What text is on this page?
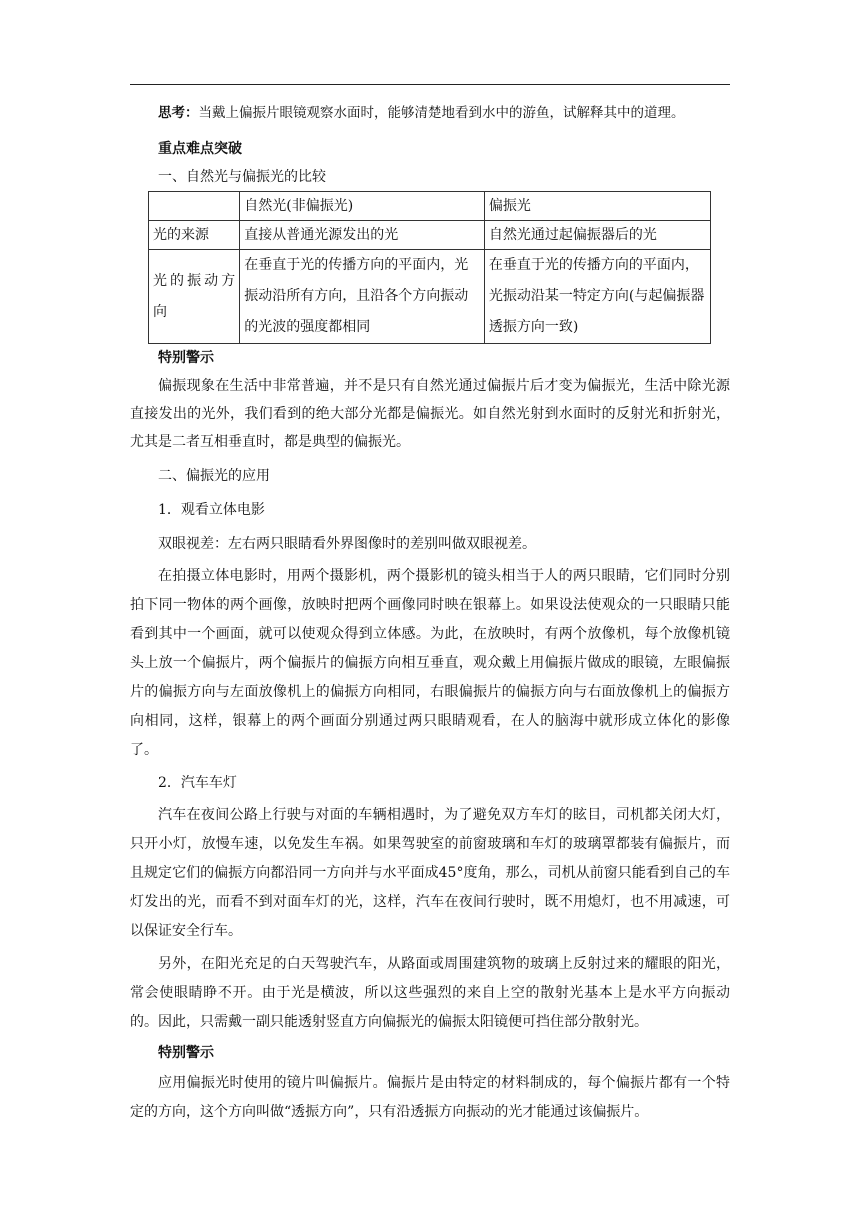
思考：当戴上偏振片眼镜观察水面时，能够清楚地看到水中的游鱼，试解释其中的道理。

重点难点突破

一、自然光与偏振光的比较

	自然光(非偏振光)	偏振光
光的来源	直接从普通光源发出的光	自然光通过起偏振器后的光
光的振动方向	在垂直于光的传播方向的平面内，光振动沿所有方向，且沿各个方向振动的光波的强度都相同	在垂直于光的传播方向的平面内，光振动沿某一特定方向(与起偏振器透振方向一致)

特别警示

偏振现象在生活中非常普遍，并不是只有自然光通过偏振片后才变为偏振光，生活中除光源直接发出的光外，我们看到的绝大部分光都是偏振光。如自然光射到水面时的反射光和折射光，尤其是二者互相垂直时，都是典型的偏振光。

二、偏振光的应用

1．观看立体电影

双眼视差：左右两只眼睛看外界图像时的差别叫做双眼视差。

在拍摄立体电影时，用两个摄影机，两个摄影机的镜头相当于人的两只眼睛，它们同时分别拍下同一物体的两个画像，放映时把两个画像同时映在银幕上。如果设法使观众的一只眼睛只能看到其中一个画面，就可以使观众得到立体感。为此，在放映时，有两个放像机，每个放像机镜头上放一个偏振片，两个偏振片的偏振方向相互垂直，观众戴上用偏振片做成的眼镜，左眼偏振片的偏振方向与左面放像机上的偏振方向相同，右眼偏振片的偏振方向与右面放像机上的偏振方向相同，这样，银幕上的两个画面分别通过两只眼睛观看，在人的脑海中就形成立体化的影像了。

2．汽车车灯

汽车在夜间公路上行驶与对面的车辆相遇时，为了避免双方车灯的眩目，司机都关闭大灯，只开小灯，放慢车速，以免发生车祸。如果驾驶室的前窗玻璃和车灯的玻璃罩都装有偏振片，而且规定它们的偏振方向都沿同一方向并与水平面成45°度角，那么，司机从前窗只能看到自己的车灯发出的光，而看不到对面车灯的光，这样，汽车在夜间行驶时，既不用熄灯，也不用减速，可以保证安全行车。

另外，在阳光充足的白天驾驶汽车，从路面或周围建筑物的玻璃上反射过来的耀眼的阳光，常会使眼睛睁不开。由于光是横波，所以这些强烈的来自上空的散射光基本上是水平方向振动的。因此，只需戴一副只能透射竖直方向偏振光的偏振太阳镜便可挡住部分散射光。

特别警示

应用偏振光时使用的镜片叫偏振片。偏振片是由特定的材料制成的，每个偏振片都有一个特定的方向，这个方向叫做“透振方向”，只有沿透振方向振动的光才能通过该偏振片。
